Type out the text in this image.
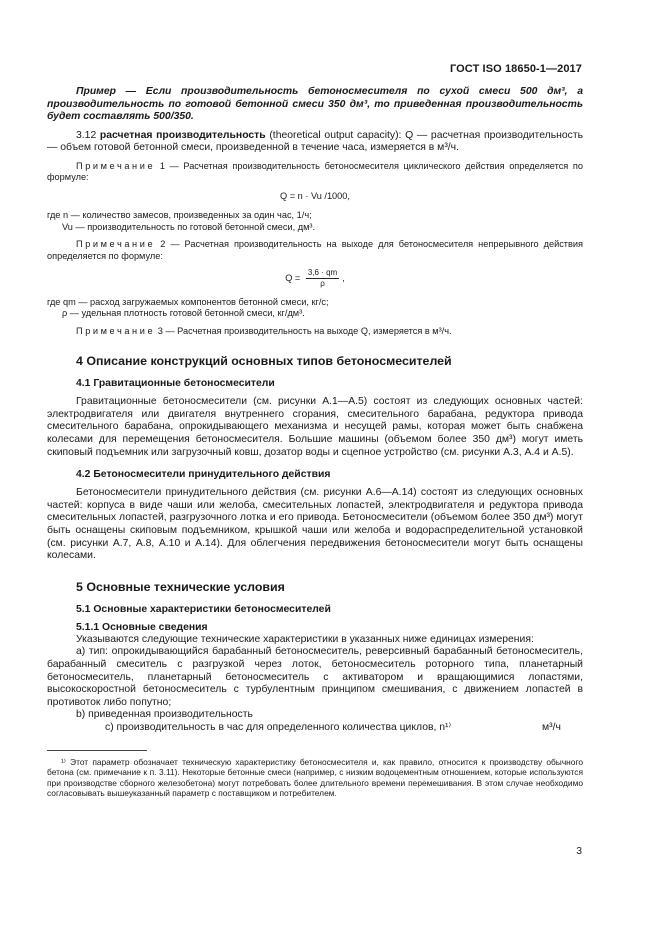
ГОСТ ISO 18650-1—2017

Пример — Если производительность бетоносмесителя по сухой смеси 500 дм³, а производительность по готовой бетонной смеси 350 дм³, то приведенная производительность будет составлять 500/350.

3.12 расчетная производительность (theoretical output capacity): Q — расчетная производительность — объем готовой бетонной смеси, произведенной в течение часа, измеряется в м³/ч.

Примечание 1 — Расчетная производительность бетоносмесителя циклического действия определяется по формуле:

Q = n · Vu /1000,
где n — количество замесов, произведенных за один час, 1/ч;
Vu — производительность по готовой бетонной смеси, дм³.

Примечание 2 — Расчетная производительность на выходе для бетоносмесителя непрерывного действия определяется по формуле:

$Q = \frac{3,6 \cdot qm}{\rho}$ ,
где qm — расход загружаемых компонентов бетонной смеси, кг/с;
ρ — удельная плотность готовой бетонной смеси, кг/дм³.

Примечание 3 — Расчетная производительность на выходе Q, измеряется в м³/ч.

4 Описание конструкций основных типов бетоносмесителей
4.1 Гравитационные бетоносмесители

Гравитационные бетоносмесители (см. рисунки А.1—А.5) состоят из следующих основных частей: электродвигателя или двигателя внутреннего сгорания, смесительного барабана, редуктора привода смесительного барабана, опрокидывающего механизма и несущей рамы, которая может быть снабжена колесами для перемещения бетоносмесителя. Большие машины (объемом более 350 дм³) могут иметь скиповый подъемник или загрузочный ковш, дозатор воды и сцепное устройство (см. рисунки А.3, А.4 и А.5).

4.2 Бетоносмесители принудительного действия

Бетоносмесители принудительного действия (см. рисунки А.6—А.14) состоят из следующих основных частей: корпуса в виде чаши или желоба, смесительных лопастей, электродвигателя и редуктора привода смесительных лопастей, разгрузочного лотка и его привода. Бетоносмесители (объемом более 350 дм³) могут быть оснащены скиповым подъемником, крышкой чаши или желоба и водораспределительной установкой (см. рисунки А.7, А.8, А.10 и А.14). Для облегчения передвижения бетоносмесители могут быть оснащены колесами.

5 Основные технические условия
5.1 Основные характеристики бетоносмесителей
5.1.1 Основные сведения

Указываются следующие технические характеристики в указанных ниже единицах измерения:

а) тип: опрокидывающийся барабанный бетоносмеситель, реверсивный барабанный бетоносмеситель, барабанный смеситель с разгрузкой через лоток, бетоносмеситель роторного типа, планетарный бетоносмеситель, планетарный бетоносмеситель с активатором и вращающимися лопастями, высокоскоростной бетоносмеситель с турбулентным принципом смешивания, с движением лопастей в противоток либо попутно;

b) приведенная производительность

с) производительность в час для определенного количества циклов, n¹⁾	м³/ч

¹⁾ Этот параметр обозначает техническую характеристику бетоносмесителя и, как правило, относится к производству обычного бетона (см. примечание к п. 3.11). Некоторые бетонные смеси (например, с низким водоцементным отношением, которые используются при производстве сборного железобетона) могут потребовать более длительного времени перемешивания. В этом случае необходимо согласовывать вышеуказанный параметр с поставщиком и потребителем.

3
